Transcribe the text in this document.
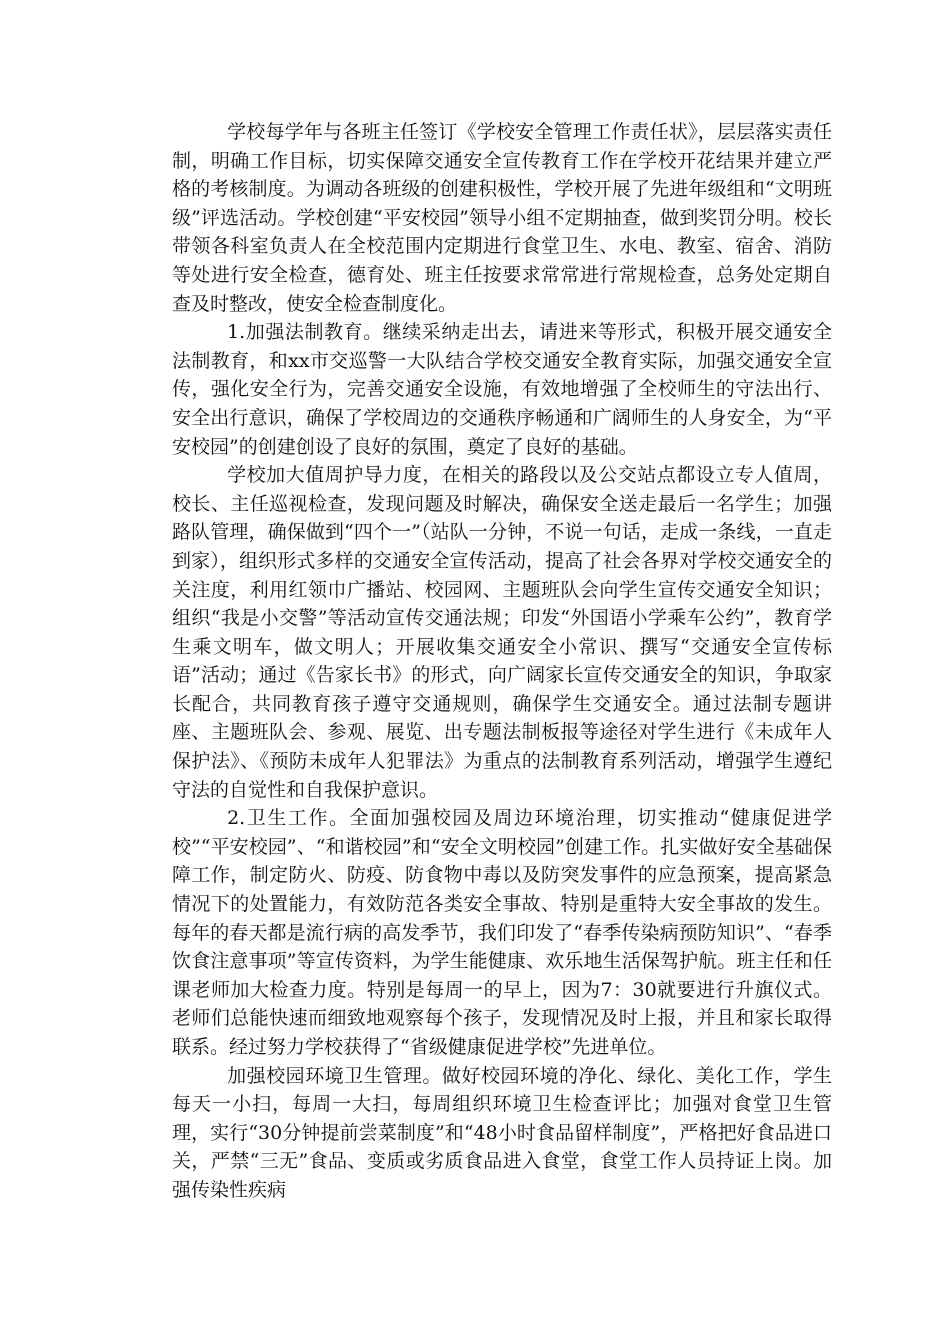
学校每学年与各班主任签订《学校安全管理工作责任状》，层层落实责任制，明确工作目标，切实保障交通安全宣传教育工作在学校开花结果并建立严格的考核制度。为调动各班级的创建积极性，学校开展了先进年级组和“文明班级”评选活动。学校创建“平安校园”领导小组不定期抽查，做到奖罚分明。校长带领各科室负责人在全校范围内定期进行食堂卫生、水电、教室、宿舍、消防等处进行安全检查，德育处、班主任按要求常常进行常规检查，总务处定期自查及时整改，使安全检查制度化。

1.加强法制教育。继续采纳走出去，请进来等形式，积极开展交通安全法制教育，和xx市交巡警一大队结合学校交通安全教育实际，加强交通安全宣传，强化安全行为，完善交通安全设施，有效地增强了全校师生的守法出行、安全出行意识，确保了学校周边的交通秩序畅通和广阔师生的人身安全，为“平安校园”的创建创设了良好的氛围，奠定了良好的基础。

学校加大值周护导力度，在相关的路段以及公交站点都设立专人值周，校长、主任巡视检查，发现问题及时解决，确保安全送走最后一名学生；加强路队管理，确保做到“四个一”（站队一分钟，不说一句话，走成一条线，一直走到家），组织形式多样的交通安全宣传活动，提高了社会各界对学校交通安全的关注度，利用红领巾广播站、校园网、主题班队会向学生宣传交通安全知识；组织“我是小交警”等活动宣传交通法规；印发“外国语小学乘车公约”，教育学生乘文明车，做文明人；开展收集交通安全小常识、撰写“交通安全宣传标语”活动；通过《告家长书》的形式，向广阔家长宣传交通安全的知识，争取家长配合，共同教育孩子遵守交通规则，确保学生交通安全。通过法制专题讲座、主题班队会、参观、展览、出专题法制板报等途径对学生进行《未成年人保护法》、《预防未成年人犯罪法》为重点的法制教育系列活动，增强学生遵纪守法的自觉性和自我保护意识。

2.卫生工作。全面加强校园及周边环境治理，切实推动“健康促进学校”“平安校园”、“和谐校园”和“安全文明校园”创建工作。扎实做好安全基础保障工作，制定防火、防疫、防食物中毒以及防突发事件的应急预案，提高紧急情况下的处置能力，有效防范各类安全事故、特别是重特大安全事故的发生。每年的春天都是流行病的高发季节，我们印发了“春季传染病预防知识”、“春季饮食注意事项”等宣传资料，为学生能健康、欢乐地生活保驾护航。班主任和任课老师加大检查力度。特别是每周一的早上，因为7：30就要进行升旗仪式。老师们总能快速而细致地观察每个孩子，发现情况及时上报，并且和家长取得联系。经过努力学校获得了“省级健康促进学校”先进单位。

加强校园环境卫生管理。做好校园环境的净化、绿化、美化工作，学生每天一小扫，每周一大扫，每周组织环境卫生检查评比；加强对食堂卫生管理，实行“30分钟提前尝菜制度”和“48小时食品留样制度”，严格把好食品进口关，严禁“三无”食品、变质或劣质食品进入食堂，食堂工作人员持证上岗。加强传染性疾病
